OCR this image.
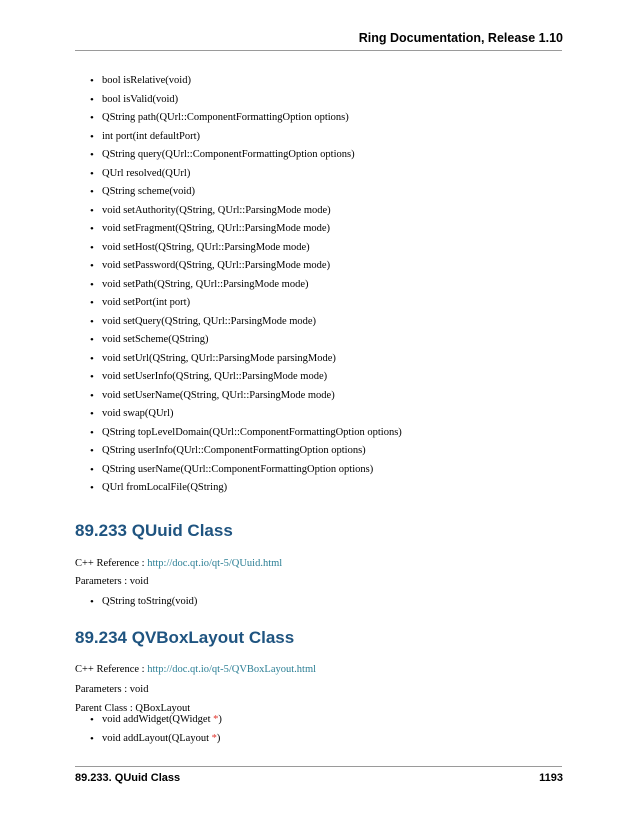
Ring Documentation, Release 1.10
• bool isRelative(void)
• bool isValid(void)
• QString path(QUrl::ComponentFormattingOption options)
• int port(int defaultPort)
• QString query(QUrl::ComponentFormattingOption options)
• QUrl resolved(QUrl)
• QString scheme(void)
• void setAuthority(QString, QUrl::ParsingMode mode)
• void setFragment(QString, QUrl::ParsingMode mode)
• void setHost(QString, QUrl::ParsingMode mode)
• void setPassword(QString, QUrl::ParsingMode mode)
• void setPath(QString, QUrl::ParsingMode mode)
• void setPort(int port)
• void setQuery(QString, QUrl::ParsingMode mode)
• void setScheme(QString)
• void setUrl(QString, QUrl::ParsingMode parsingMode)
• void setUserInfo(QString, QUrl::ParsingMode mode)
• void setUserName(QString, QUrl::ParsingMode mode)
• void swap(QUrl)
• QString topLevelDomain(QUrl::ComponentFormattingOption options)
• QString userInfo(QUrl::ComponentFormattingOption options)
• QString userName(QUrl::ComponentFormattingOption options)
• QUrl fromLocalFile(QString)
89.233 QUuid Class
C++ Reference : http://doc.qt.io/qt-5/QUuid.html
Parameters : void
• QString toString(void)
89.234 QVBoxLayout Class
C++ Reference : http://doc.qt.io/qt-5/QVBoxLayout.html
Parameters : void
Parent Class : QBoxLayout
• void addWidget(QWidget *)
• void addLayout(QLayout *)
89.233. QUuid Class	1193
